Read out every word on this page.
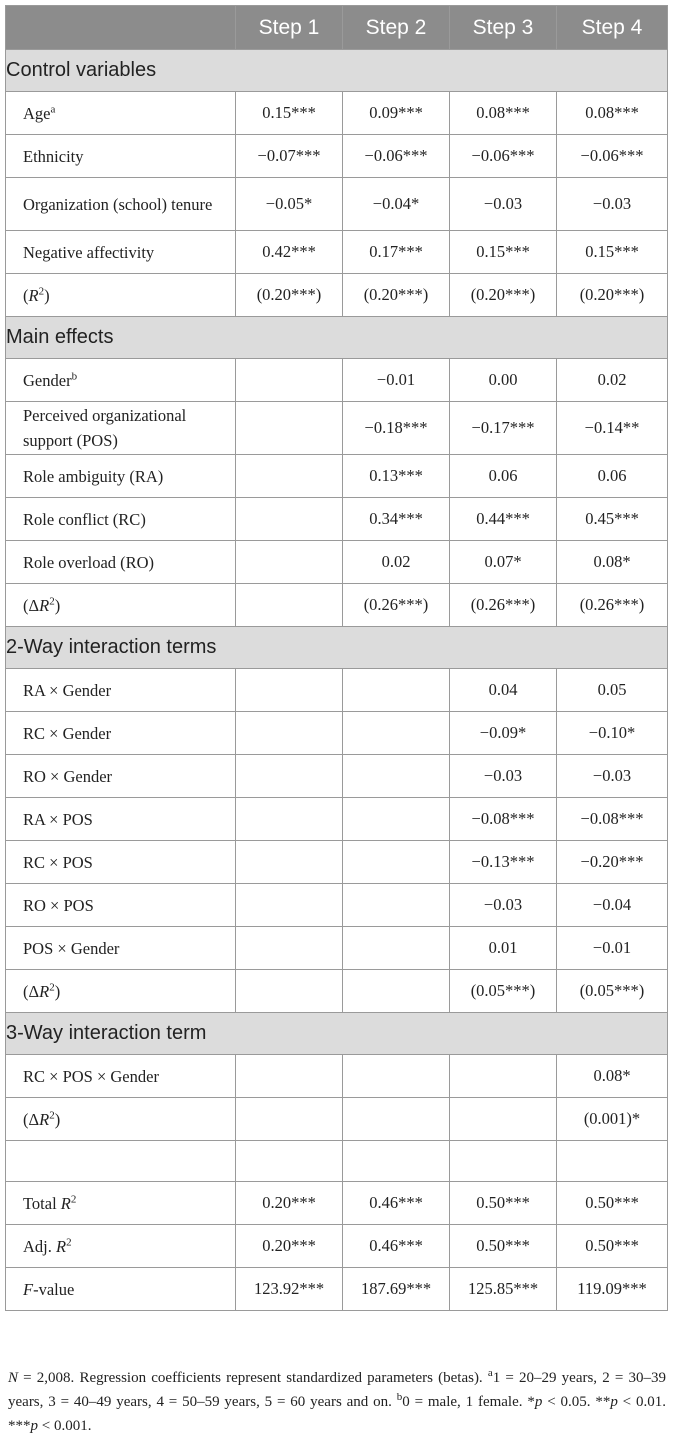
	Step 1	Step 2	Step 3	Step 4
Control variables				
Age$^a$	0.15***	0.09***	0.08***	0.08***
Ethnicity	−0.07***	−0.06***	−0.06***	−0.06***
Organization (school) tenure	−0.05*	−0.04*	−0.03	−0.03
Negative affectivity	0.42***	0.17***	0.15***	0.15***
$(R^2)$	(0.20***)	(0.20***)	(0.20***)	(0.20***)
Main effects				
Gender$^b$		−0.01	0.00	0.02
Perceived organizational support (POS)		−0.18***	−0.17***	−0.14**
Role ambiguity (RA)		0.13***	0.06	0.06
Role conflict (RC)		0.34***	0.44***	0.45***
Role overload (RO)		0.02	0.07*	0.08*
$(\Delta R^2)$		(0.26***)	(0.26***)	(0.26***)
2-Way interaction terms				
RA × Gender			0.04	0.05
RC × Gender			−0.09*	−0.10*
RO × Gender			−0.03	−0.03
RA × POS			−0.08***	−0.08***
RC × POS			−0.13***	−0.20***
RO × POS			−0.03	−0.04
POS × Gender			0.01	−0.01
$(\Delta R^2)$			(0.05***)	(0.05***)
3-Way interaction term				
RC × POS × Gender				0.08*
$(\Delta R^2)$				(0.001)*

Total $R^2$	0.20***	0.46***	0.50***	0.50***
Adj. $R^2$	0.20***	0.46***	0.50***	0.50***
F-value	123.92***	187.69***	125.85***	119.09***

N = 2,008. Regression coefficients represent standardized parameters (betas). $^a$1 = 20–29 years, 2 = 30–39 years, 3 = 40–49 years, 4 = 50–59 years, 5 = 60 years and on. $^b$0 = male, 1 female. *p < 0.05. **p < 0.01. ***p < 0.001.
